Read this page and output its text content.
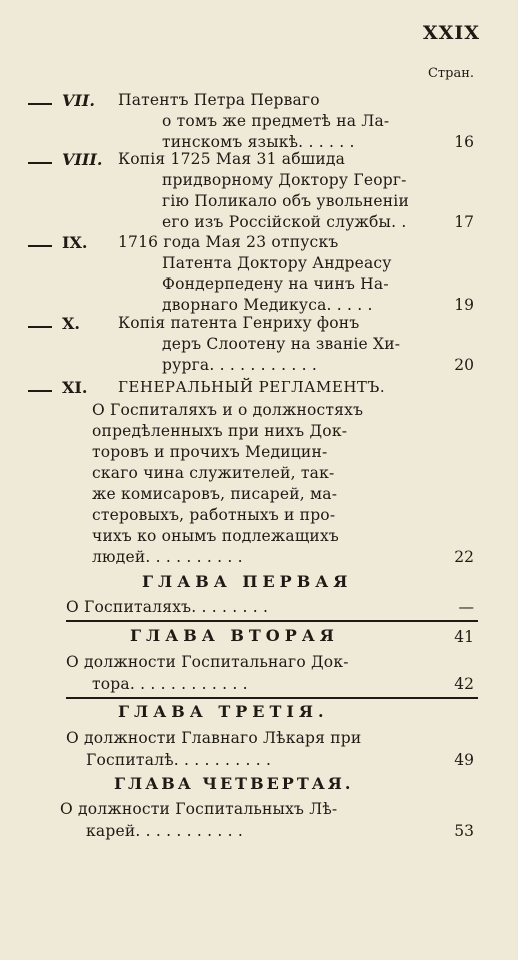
XXIX
Стран.
VII. Патентъ Петра Перваго
о томъ же предметѣ на Ла-
тинскомъ языкѣ. . . . . .	16
VIII. Копія 1725 Мая 31 абшида
придворному Доктору Георг-
гію Поликало объ увольненіи
его изъ Россійской службы. .	17
IX. 1716 года Мая 23 отпускъ
Патента Доктору Андреасу
Фондерпедену на чинъ На-
дворнаго Медикуса. . . . .	19
X. Копія патента Генриху фонъ
деръ Слоотену на званіе Хи-
рурга. . . . . . . . . . .	20
XI. ГЕНЕРАЛЬНЫЙ РЕГЛАМЕНТЪ.
О Госпиталяхъ и о должностяхъ
опредѣленныхъ при нихъ Док-
торовъ и прочихъ Медицин-
скаго чина служителей, так-
же комисаровъ, писарей, ма-
стеровыхъ, работныхъ и про-
чихъ ко онымъ подлежащихъ
людей. . . . . . . . . .	22
ГЛАВА ПЕРВАЯ
О Госпиталяхъ. . . . . . . .	—
ГЛАВА ВТОРАЯ	41
О должности Госпитальнаго Док-
тора. . . . . . . . . . . .	42
ГЛАВА ТРЕТІЯ.
О должности Главнаго Лѣкаря при
Госпиталѣ. . . . . . . . . .	49
ГЛАВА ЧЕТВЕРТАЯ.
О должности Госпитальныхъ Лѣ-
карей. . . . . . . . . . .	53
